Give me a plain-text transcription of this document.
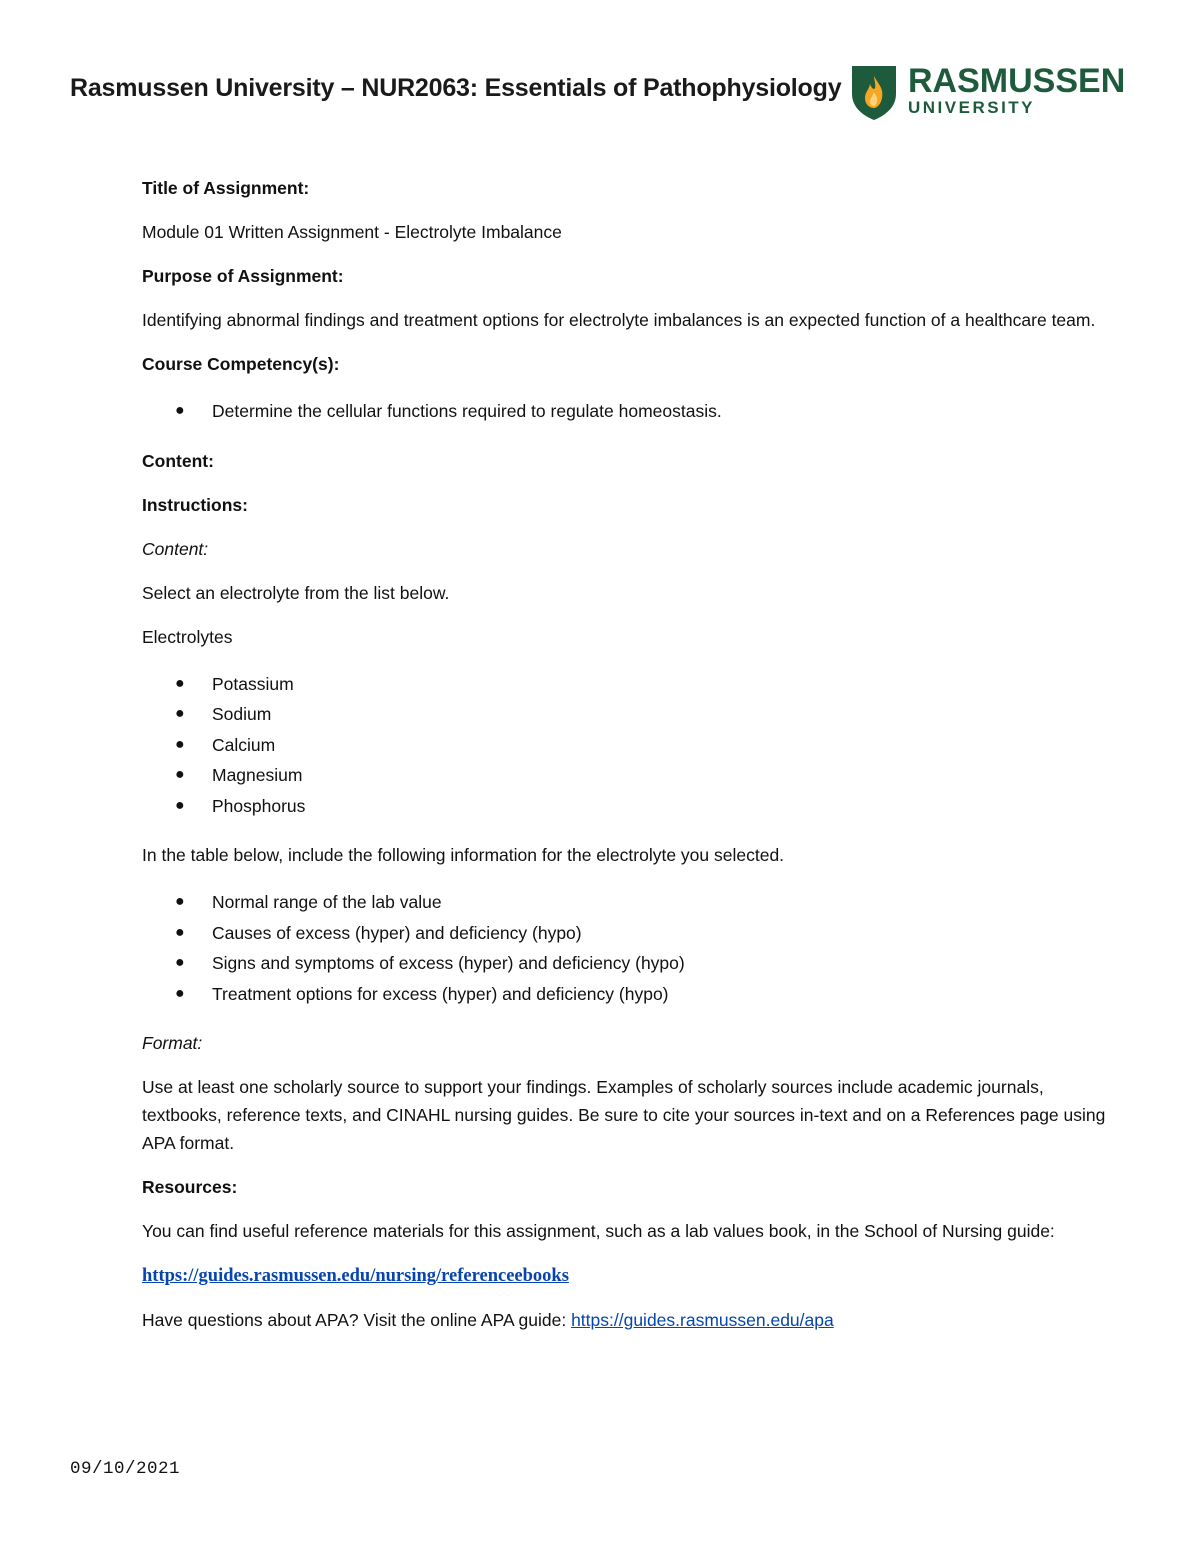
Rasmussen University – NUR2063: Essentials of Pathophysiology RASMUSSEN
UNIVERSITY

Title of Assignment:

Module 01 Written Assignment - Electrolyte Imbalance

Purpose of Assignment:

Identifying abnormal findings and treatment options for electrolyte imbalances is an expected function of a healthcare team.

Course Competency(s):

● Determine the cellular functions required to regulate homeostasis.

Content:

Instructions:

Content:

Select an electrolyte from the list below.

Electrolytes

● Potassium
● Sodium
● Calcium
● Magnesium
● Phosphorus

In the table below, include the following information for the electrolyte you selected.

● Normal range of the lab value
● Causes of excess (hyper) and deficiency (hypo)
● Signs and symptoms of excess (hyper) and deficiency (hypo)
● Treatment options for excess (hyper) and deficiency (hypo)

Format:

Use at least one scholarly source to support your findings. Examples of scholarly sources include academic journals, textbooks, reference texts, and CINAHL nursing guides. Be sure to cite your sources in-text and on a References page using APA format.

Resources:

You can find useful reference materials for this assignment, such as a lab values book, in the School of Nursing guide:

https://guides.rasmussen.edu/nursing/referenceebooks

Have questions about APA? Visit the online APA guide: https://guides.rasmussen.edu/apa

09/10/2021
